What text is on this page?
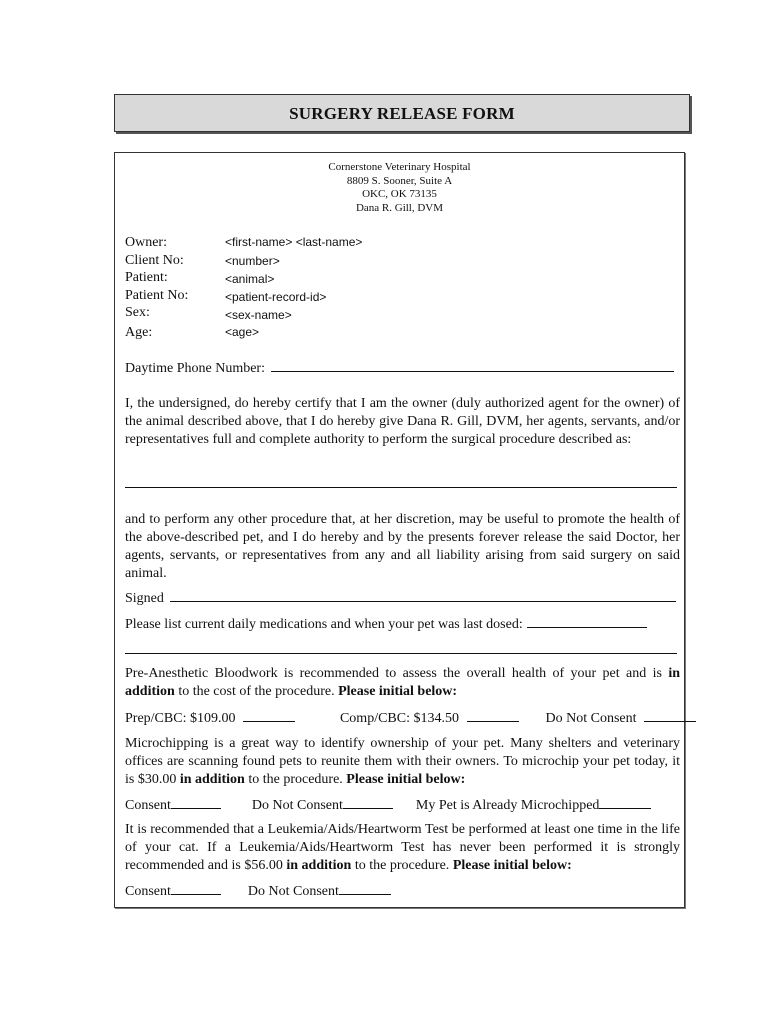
SURGERY RELEASE FORM
Cornerstone Veterinary Hospital
8809 S. Sooner, Suite A
OKC, OK 73135
Dana R. Gill, DVM
Owner:	<first-name> <last-name>
Client No:	<number>
Patient:	<animal>
Patient No:	<patient-record-id>
Sex:	<sex-name>
Age:	<age>
Daytime Phone Number:
I, the undersigned, do hereby certify that I am the owner (duly authorized agent for the owner) of the animal described above, that I do hereby give Dana R. Gill, DVM, her agents, servants, and/or representatives full and complete authority to perform the surgical procedure described as:
and to perform any other procedure that, at her discretion, may be useful to promote the health of the above-described pet, and I do hereby and by the presents forever release the said Doctor, her agents, servants, or representatives from any and all liability arising from said surgery on said animal.
Signed
Please list current daily medications and when your pet was last dosed:
Pre-Anesthetic Bloodwork is recommended to assess the overall health of your pet and is in addition to the cost of the procedure. Please initial below:
Prep/CBC: $109.00	Comp/CBC: $134.50	Do Not Consent
Microchipping is a great way to identify ownership of your pet. Many shelters and veterinary offices are scanning found pets to reunite them with their owners. To microchip your pet today, it is $30.00 in addition to the procedure. Please initial below:
Consent	Do Not Consent	My Pet is Already Microchipped
It is recommended that a Leukemia/Aids/Heartworm Test be performed at least one time in the life of your cat. If a Leukemia/Aids/Heartworm Test has never been performed it is strongly recommended and is $56.00 in addition to the procedure. Please initial below:
Consent	Do Not Consent
